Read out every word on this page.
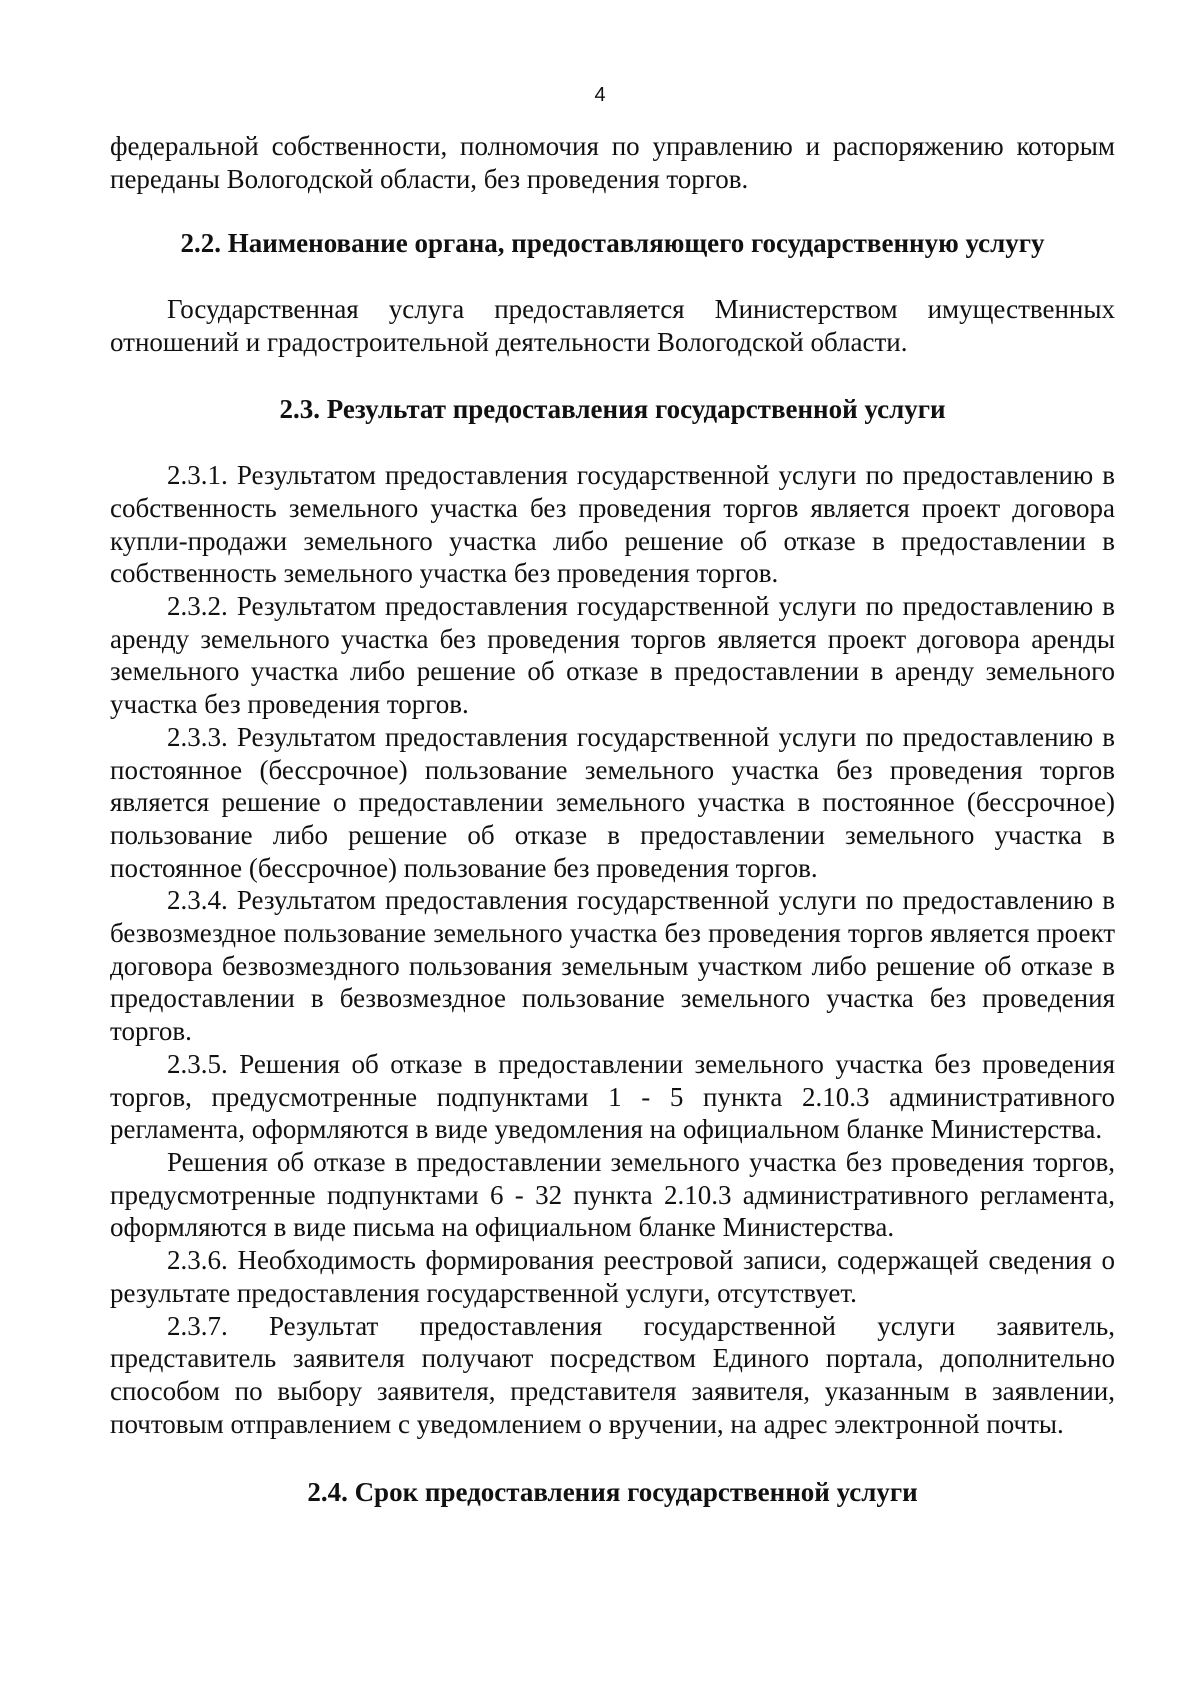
4

федеральной собственности, полномочия по управлению и распоряжению которым переданы Вологодской области, без проведения торгов.

2.2. Наименование органа, предоставляющего государственную услугу

Государственная услуга предоставляется Министерством имущественных отношений и градостроительной деятельности Вологодской области.

2.3. Результат предоставления государственной услуги

2.3.1. Результатом предоставления государственной услуги по предоставлению в собственность земельного участка без проведения торгов является проект договора купли-продажи земельного участка либо решение об отказе в предоставлении в собственность земельного участка без проведения торгов.

2.3.2. Результатом предоставления государственной услуги по предоставлению в аренду земельного участка без проведения торгов является проект договора аренды земельного участка либо решение об отказе в предоставлении в аренду земельного участка без проведения торгов.

2.3.3. Результатом предоставления государственной услуги по предоставлению в постоянное (бессрочное) пользование земельного участка без проведения торгов является решение о предоставлении земельного участка в постоянное (бессрочное) пользование либо решение об отказе в предоставлении земельного участка в постоянное (бессрочное) пользование без проведения торгов.

2.3.4. Результатом предоставления государственной услуги по предоставлению в безвозмездное пользование земельного участка без проведения торгов является проект договора безвозмездного пользования земельным участком либо решение об отказе в предоставлении в безвозмездное пользование земельного участка без проведения торгов.

2.3.5. Решения об отказе в предоставлении земельного участка без проведения торгов, предусмотренные подпунктами 1 - 5 пункта 2.10.3 административного регламента, оформляются в виде уведомления на официальном бланке Министерства.

Решения об отказе в предоставлении земельного участка без проведения торгов, предусмотренные подпунктами 6 - 32 пункта 2.10.3 административного регламента, оформляются в виде письма на официальном бланке Министерства.

2.3.6. Необходимость формирования реестровой записи, содержащей сведения о результате предоставления государственной услуги, отсутствует.

2.3.7. Результат предоставления государственной услуги заявитель, представитель заявителя получают посредством Единого портала, дополнительно способом по выбору заявителя, представителя заявителя, указанным в заявлении, почтовым отправлением с уведомлением о вручении, на адрес электронной почты.

2.4. Срок предоставления государственной услуги
